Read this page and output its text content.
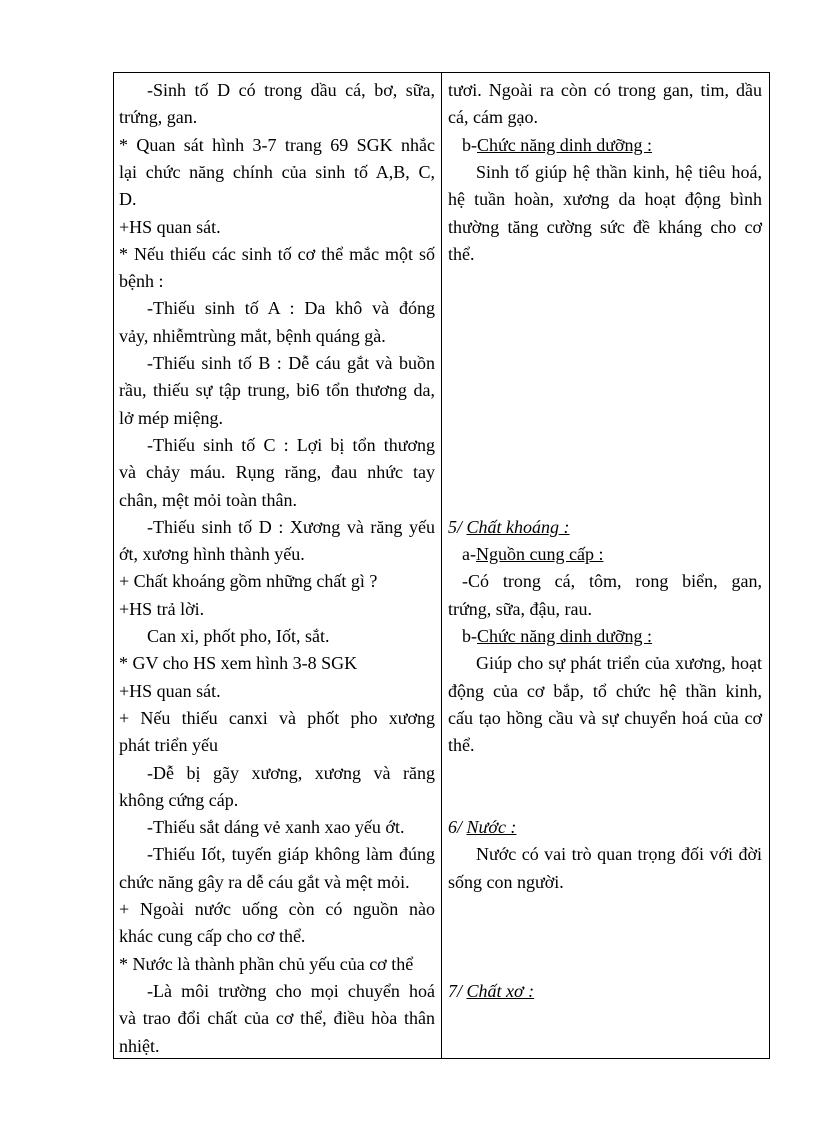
-Sinh tố D có trong dầu cá, bơ, sữa,
trứng, gan.
* Quan sát hình 3-7 trang 69 SGK nhắc
lại chức năng chính của sinh tố A,B, C,
D.
+HS quan sát.
* Nếu thiếu các sinh tố cơ thể mắc một số
bệnh :
-Thiếu sinh tố A : Da khô và đóng
vảy, nhiễmtrùng mắt, bệnh quáng gà.
-Thiếu sinh tố B : Dễ cáu gắt và buồn
rầu, thiếu sự tập trung, bi6 tổn thương da,
lở mép miệng.
-Thiếu sinh tố C : Lợi bị tổn thương
và chảy máu. Rụng răng, đau nhức tay
chân, mệt mỏi toàn thân.
-Thiếu sinh tố D : Xương và răng yếu
ớt, xương hình thành yếu.
+ Chất khoáng gồm những chất gì ?
+HS trả lời.
Can xi, phốt pho, Iốt, sắt.
* GV cho HS xem hình 3-8 SGK
+HS quan sát.
+ Nếu thiếu canxi và phốt pho xương
phát triển yếu
-Dễ bị gãy xương, xương và răng
không cứng cáp.
-Thiếu sắt dáng vẻ xanh xao yếu ớt.
-Thiếu Iốt, tuyến giáp không làm đúng
chức năng gây ra dễ cáu gắt và mệt mỏi.
+ Ngoài nước uống còn có nguồn nào
khác cung cấp cho cơ thể.
* Nước là thành phần chủ yếu của cơ thể
-Là môi trường cho mọi chuyển hoá
và trao đổi chất của cơ thể, điều hòa thân
nhiệt.
tươi. Ngoài ra còn có trong gan, tim, dầu
cá, cám gạo.
b-Chức năng dinh dưỡng :
Sinh tố giúp hệ thần kinh, hệ tiêu hoá,
hệ tuần hoàn, xương da hoạt động bình
thường tăng cường sức đề kháng cho cơ
thể.
5/ Chất khoáng :
a-Nguồn cung cấp :
-Có trong cá, tôm, rong biển, gan,
trứng, sữa, đậu, rau.
b-Chức năng dinh dưỡng :
Giúp cho sự phát triển của xương, hoạt
động của cơ bắp, tổ chức hệ thần kinh,
cấu tạo hồng cầu và sự chuyển hoá của cơ
thể.
6/ Nước :
Nước có vai trò quan trọng đối với đời
sống con người.
7/ Chất xơ :
